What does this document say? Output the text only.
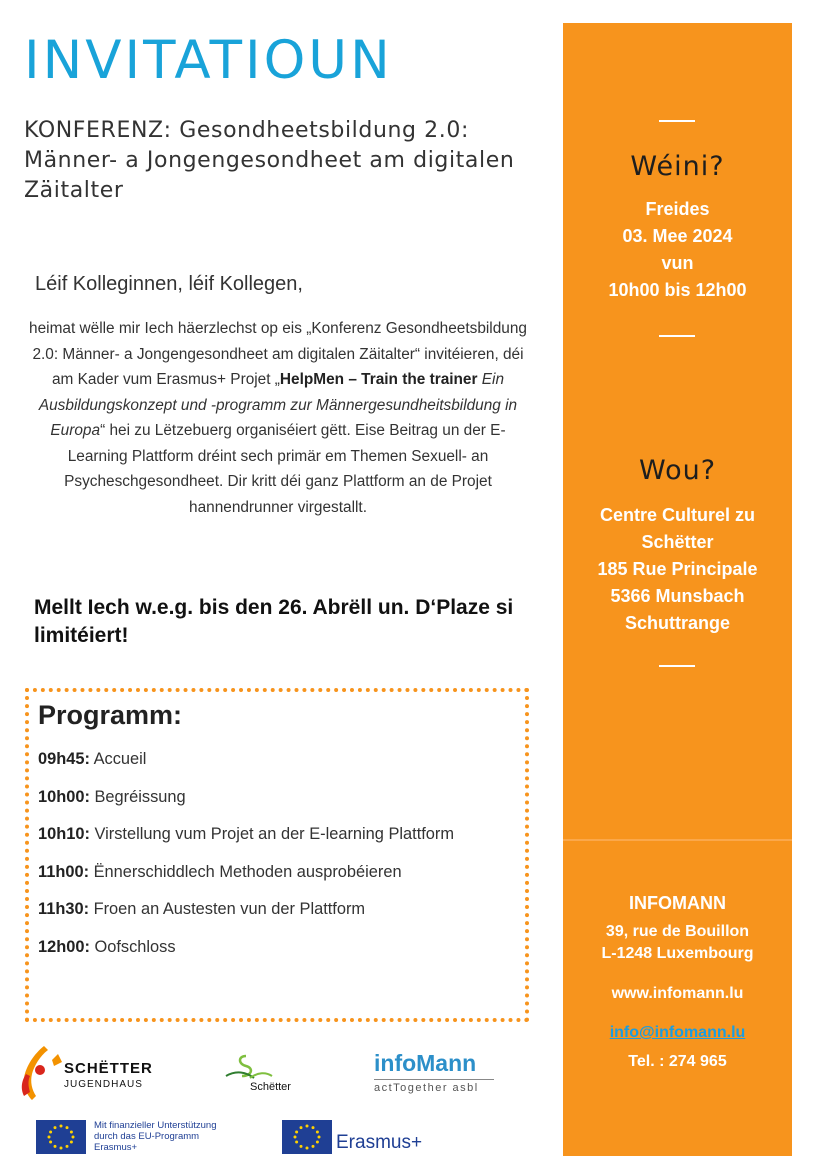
INVITATIOUN
KONFERENZ: Gesondheetsbildung 2.0: Männer- a Jongengesondheet am digitalen Zäitalter

Léif Kolleginnen, léif Kollegen,

heimat wëlle mir Iech häerzlechst op eis „Konferenz Gesondheetsbildung 2.0: Männer- a Jongengesondheet am digitalen Zäitalter“ invitéieren, déi am Kader vum Erasmus+ Projet „HelpMen – Train the trainer Ein Ausbildungskonzept und -programm zur Männergesundheitsbildung in Europa“ hei zu Lëtzebuerg organiséiert gëtt. Eise Beitrag un der E-Learning Plattform dréint sech primär em Themen Sexuell- an Psycheschgesondheet. Dir kritt déi ganz Plattform an de Projet hannendrunner virgestallt.

Mellt Iech w.e.g. bis den 26. Abrëll un. D‘Plaze si limitéiert!

Programm:
09h45: Accueil
10h00: Begréissung
10h10: Virstellung vum Projet an der E-learning Plattform
11h00: Ënnerschiddlech Methoden ausprobéieren
11h30: Froen an Austesten vun der Plattform
12h00: Oofschloss
Wéini?

Freides
03. Mee 2024
vun
10h00 bis 12h00

Wou?

Centre Culturel zu
Schëtter
185 Rue Principale
5366 Munsbach
Schuttrange

INFOMANN
39, rue de Bouillon
L-1248 Luxembourg
www.infomann.lu
info@infomann.lu
Tel. : 274 965
SCHËTTER
JUGENDHAUS	Schëtter
infoMann
actTogether asbl
Mit finanzieller Unterstützung
durch das EU-Programm
Erasmus+	Erasmus+
